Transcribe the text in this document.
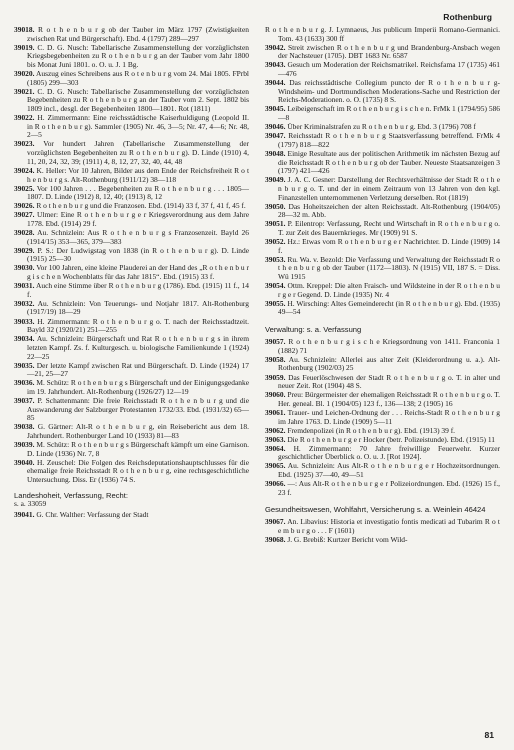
Rothenburg

39018. R o t h e n b u r g ob der Tauber im März 1797 (Zwistigkeiten zwischen Rat und Bürgerschaft). Ebd. 4 (1797) 289—297

39019. C. D. G. Nusch: Tabellarische Zusammenstellung der vorzüglichsten Kriegsbegebenheiten zu R o t h e n b u r g an der Tauber vom Jahr 1800 bis Monat Juni 1801. o. O. u. J. 1 Bg.

39020. Auszug eines Schreibens aus R o t e n b u r g vom 24. Mai 1805. FPrbl (1805) 299—303

39021. C. D. G. Nusch: Tabellarische Zusammenstellung der vorzüglichsten Begebenheiten zu R o t h e n b u r g an der Tauber vom 2. Sept. 1802 bis 1809 incl., desgl. der Begebenheiten 1800—1801. Rot (1811)

39022. H. Zimmermann: Eine reichsstädtische Kaiserhuldigung (Leopold II. in R o t h e n b u r g). Sammler (1905) Nr. 46, 3—5; Nr. 47, 4—6; Nr. 48, 2—5

39023. Vor hundert Jahren (Tabellarische Zusammenstellung der vorzüglichsten Begebenheiten zu R o t h e n b u r g). D. Linde (1910) 4, 11, 20, 24, 32, 39; (1911) 4, 8, 12, 27, 32, 40, 44, 48

39024. K. Heller: Vor 10 Jahren, Bilder aus dem Ende der Reichsfreiheit R o t h e n b u r g s. Alt-Rothenburg (1911/12) 38—118

39025. Vor 100 Jahren . . . Begebenheiten zu R o t h e n b u r g . . . 1805—1807. D. Linde (1912) 8, 12, 40; (1913) 8, 12

39026. R o t h e n b u r g und die Franzosen. Ebd. (1914) 33 f, 37 f, 41 f, 45 f.

39027. Ulmer: Eine R o t h e n b u r g e r Kriegsverordnung aus dem Jahre 1778. Ebd. (1914) 29 f.

39028. Au. Schnizlein: Aus R o t h e n b u r g s Franzosenzeit. Bayld 26 (1914/15) 353—365, 379—383

39029. P. S.: Der Ludwigstag von 1838 (in R o t h e n b u r g). D. Linde (1915) 25—30

39030. Vor 100 Jahren, eine kleine Plauderei an der Hand des „R o t h e n b u r g i s c h e n Wochenblatts für das Jahr 1815“. Ebd. (1915) 33 f.

39031. Auch eine Stimme über R o t h e n b u r g (1786). Ebd. (1915) 11 f., 14 f.

39032. Au. Schnizlein: Von Teuerungs- und Notjahr 1817. Alt-Rothenburg (1917/19) 18—29

39033. H. Zimmermann: R o t h e n b u r g o. T. nach der Reichsstadtzeit. Bayld 32 (1920/21) 251—255

39034. Au. Schnizlein: Bürgerschaft und Rat R o t h e n b u r g s in ihrem letzten Kampf. Zs. f. Kulturgesch. u. biologische Familienkunde 1 (1924) 22—25

39035. Der letzte Kampf zwischen Rat und Bürgerschaft. D. Linde (1924) 17—21, 25—27

39036. M. Schütz: R o t h e n b u r g s Bürgerschaft und der Einigungsgedanke im 19. Jahrhundert. Alt-Rothenburg (1926/27) 12—19

39037. P. Schattenmann: Die freie Reichsstadt R o t h e n b u r g und die Auswanderung der Salzburger Protestanten 1732/33. Ebd. (1931/32) 65—85

39038. G. Gärtner: Alt-R o t h e n b u r g, ein Reisebericht aus dem 18. Jahrhundert. Rothenburger Land 10 (1933) 81—83

39039. M. Schütz: R o t h e n b u r g s Bürgerschaft kämpft um eine Garnison. D. Linde (1936) Nr. 7, 8

39040. H. Zeuschel: Die Folgen des Reichsdeputationshauptschlusses für die ehemalige freie Reichsstadt R o t h e n b u r g, eine rechtsgeschichtliche Untersuchung. Diss. Er (1936) 74 S.

Landeshoheit, Verfassung, Recht:
s. a. 33059

39041. G. Chr. Walther: Verfassung der Stadt

R o t h e n b u r g. J. Lymnaeus, Jus publicum Imperii Romano-Germanici. Tom. 43 (1633) 300 ff

39042. Streit zwischen R o t h e n b u r g und Brandenburg-Ansbach wegen der Nachsteuer (1705). DBT 1683 Nr. 6587

39043. Gesuch um Moderation der Reichsmatrikel. Reichsfama 17 (1735) 461—476

39044. Das reichsstädtische Collegium puncto der R o t h e n b u r g-Windsheim- und Dortmundischen Moderations-Sache und Restriction der Reichs-Moderationen. o. O. (1735) 8 S.

39045. Leibeigenschaft im R o t h e n b u r g i s c h e n. FrMk 1 (1794/95) 586—8

39046. Über Kriminalstrafen zu R o t h e n b u r g. Ebd. 3 (1796) 708 f

39047. Reichsstadt R o t h e n b u r g Staatsverfassung betreffend. FrMk 4 (1797) 818—822

39048. Einige Resultate aus der politischen Arithmetik im nächsten Bezug auf die Reichsstadt R o t h e n b u r g ob der Tauber. Neueste Staatsanzeigen 3 (1797) 421—426

39049. J. A. C. Gesner: Darstellung der Rechtsverhältnisse der Stadt R o t h e n b u r g o. T. und der in einem Zeitraum von 13 Jahren von den kgl. Finanzstellen unternommenen Verletzung derselben. Rot (1819)

39050. Das Hoheitszeichen der alten Reichsstadt. Alt-Rothenburg (1904/05) 28—32 m. Abb.

39051. P. Eilentrop: Verfassung, Recht und Wirtschaft in R o t h e n b u r g o. T. zur Zeit des Bauernkrieges. Mr (1909) 91 S.

39052. Hz.: Etwas vom R o t h e n b u r g e r Nachrichter. D. Linde (1909) 14 f.

39053. Ru. Wa. v. Bezold: Die Verfassung und Verwaltung der Reichsstadt R o t h e n b u r g ob der Tauber (1172—1803). N (1915) VII, 187 S. = Diss. Wü 1915

39054. Ottm. Kreppel: Die alten Fraisch- und Wildsteine in der R o t h e n b u r g e r Gegend. D. Linde (1935) Nr. 4

39055. H. Wirsching: Altes Gemeinderecht (in R o t h e n b u r g). Ebd. (1935) 49—54

Verwaltung: s. a. Verfassung

39057. R o t h e n b u r g i s c h e Kriegsordnung von 1411. Franconia 1 (1882) 71

39058. Au. Schnizlein: Allerlei aus alter Zeit (Kleiderordnung u. a.). Alt-Rothenburg (1902/03) 25

39059. Das Feuerlöschwesen der Stadt R o t h e n b u r g o. T. in alter und neuer Zeit. Rot (1904) 48 S.

39060. Preu: Bürgermeister der ehemaligen Reichsstadt R o t h e n b u r g o. T. Her. genеal. Bl. 1 (1904/05) 123 f., 136—138; 2 (1905) 16

39061. Trauer- und Leichen-Ordnung der . . . Reichs-Stadt R o t h e n b u r g im Jahre 1763. D. Linde (1909) 5—11

39062. Fremdenpolizei (in R o t h e n b u r g). Ebd. (1913) 39 f.

39063. Die R o t h e n b u r g e r Hocker (betr. Polizeistunde). Ebd. (1915) 11

39064. H. Zimmermann: 70 Jahre freiwillige Feuerwehr. Kurzer geschichtlicher Überblick o. O. u. J. [Rot 1924].

39065. Au. Schnizlein: Aus Alt-R o t h e n b u r g e r Hochzeitsordnungen. Ebd. (1925) 37—40, 49—51

39066. —: Aus Alt-R o t h e n b u r g e r Polizeiordnungen. Ebd. (1926) 15 f., 23 f.

Gesundheitswesen, Wohlfahrt, Versicherung s. a. Weinlein 46424

39067. An. Libavius: Historia et investigatio fontis medicati ad Tubarim R o t e m b u r g o . . . F (1601)

39068. J. G. Brebiß: Kurtzer Bericht vom Wild-

81
